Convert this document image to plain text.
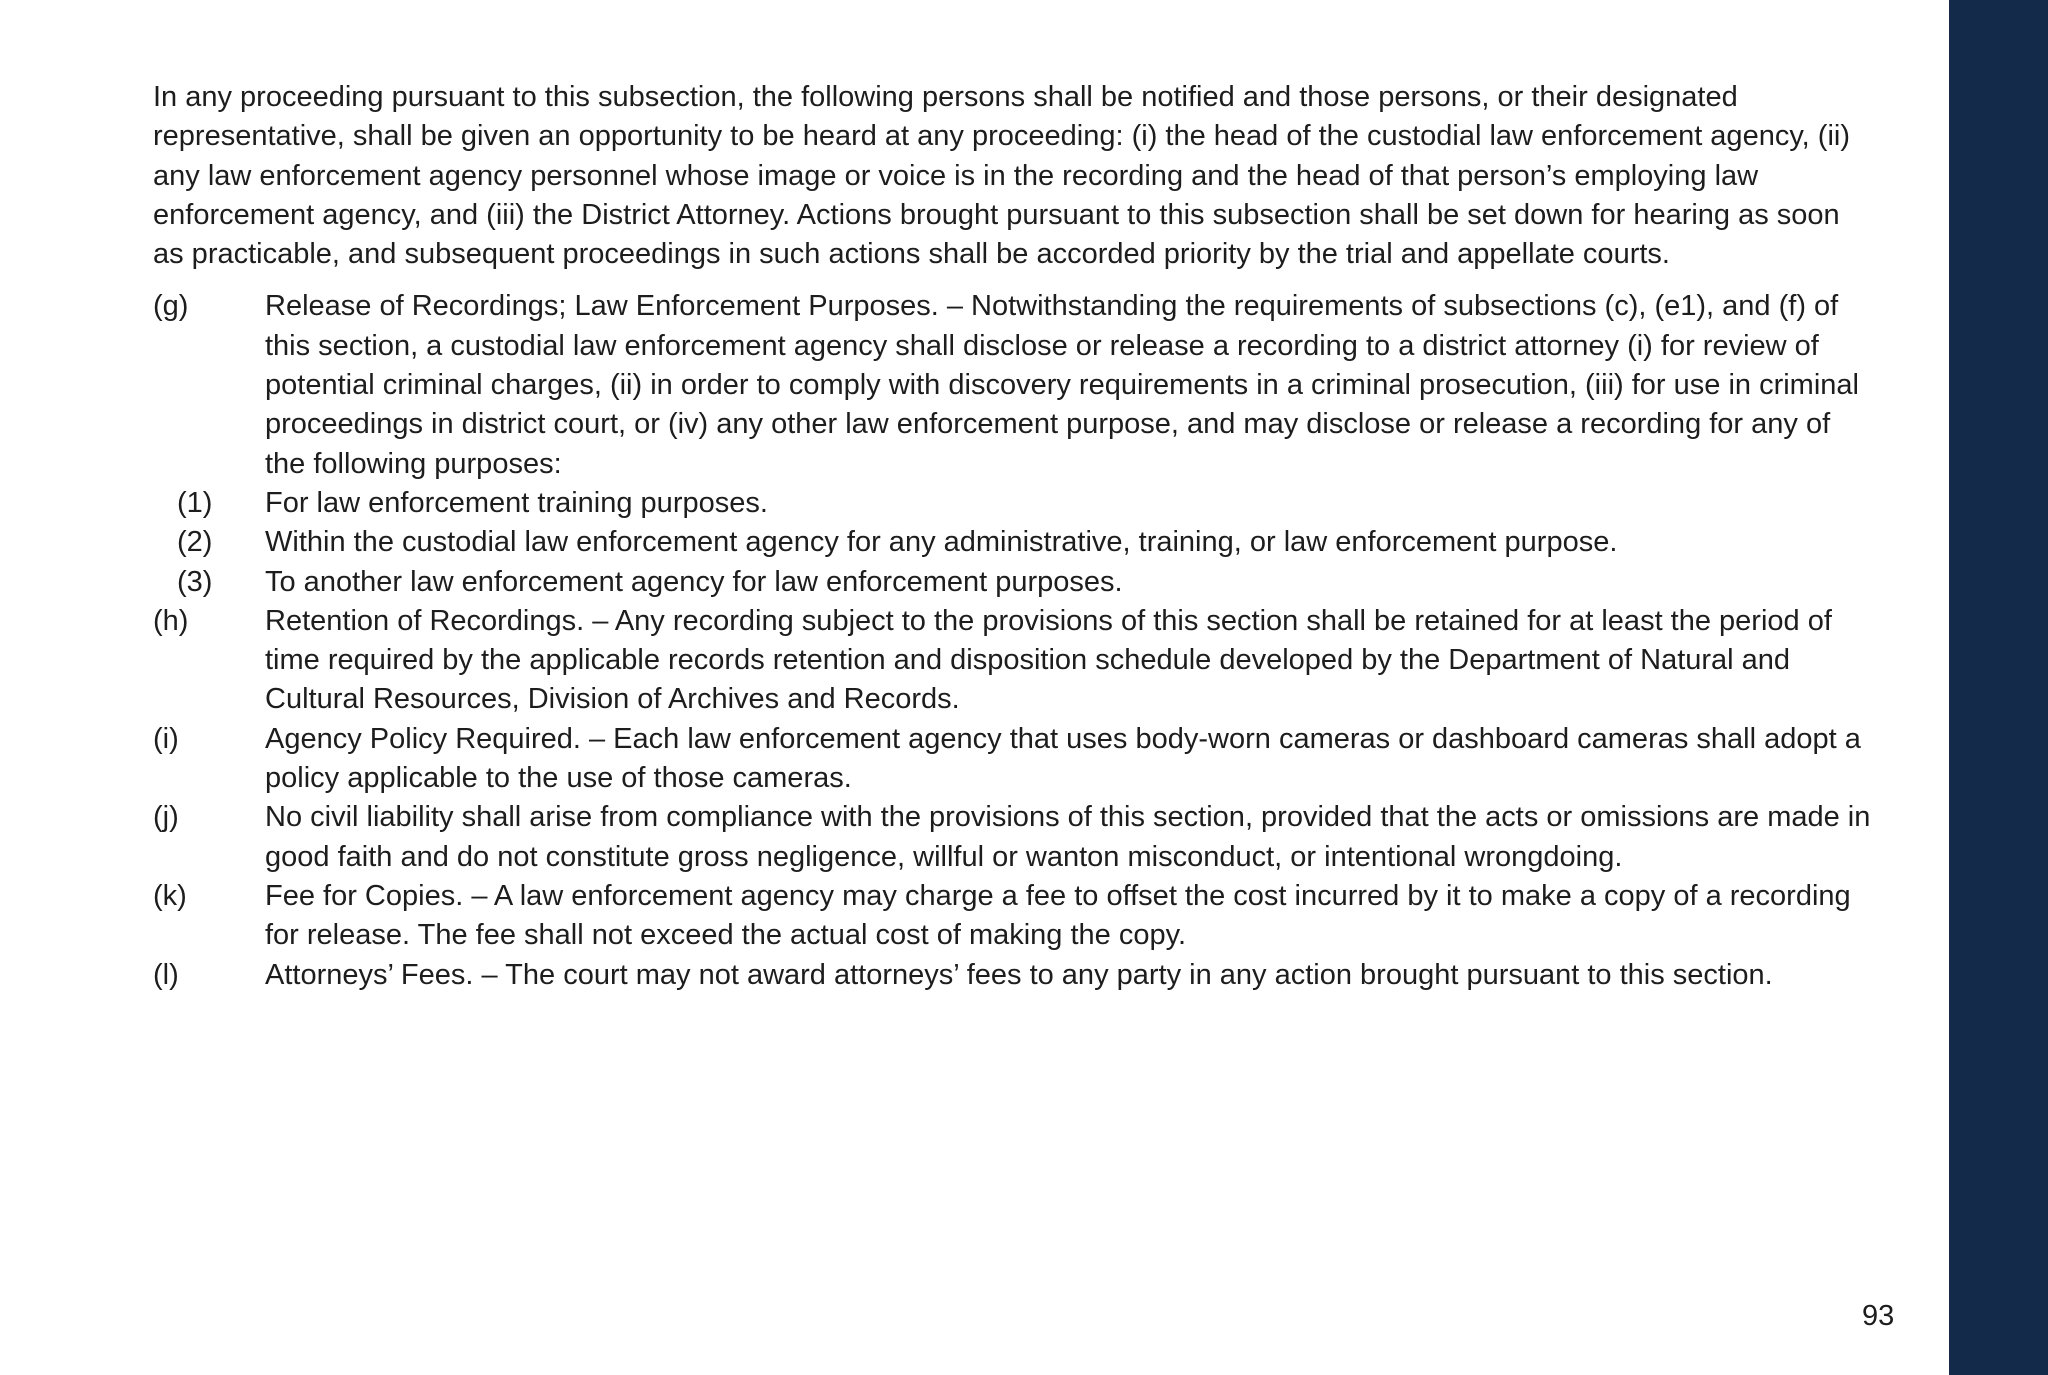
In any proceeding pursuant to this subsection, the following persons shall be notified and those persons, or their designated representative, shall be given an opportunity to be heard at any proceeding: (i) the head of the custodial law enforcement agency, (ii) any law enforcement agency personnel whose image or voice is in the recording and the head of that person’s employing law enforcement agency, and (iii) the District Attorney. Actions brought pursuant to this subsection shall be set down for hearing as soon as practicable, and subsequent proceedings in such actions shall be accorded priority by the trial and appellate courts.

(g)	Release of Recordings; Law Enforcement Purposes. – Notwithstanding the requirements of subsections (c), (e1), and (f) of this section, a custodial law enforcement agency shall disclose or release a recording to a district attorney (i) for review of potential criminal charges, (ii) in order to comply with discovery requirements in a criminal prosecution, (iii) for use in criminal proceedings in district court, or (iv) any other law enforcement purpose, and may disclose or release a recording for any of the following purposes:
(1)	For law enforcement training purposes.
(2)	Within the custodial law enforcement agency for any administrative, training, or law enforcement purpose.
(3)	To another law enforcement agency for law enforcement purposes.
(h)	Retention of Recordings. – Any recording subject to the provisions of this section shall be retained for at least the period of time required by the applicable records retention and disposition schedule developed by the Department of Natural and Cultural Resources, Division of Archives and Records.
(i)	Agency Policy Required. – Each law enforcement agency that uses body-worn cameras or dashboard cameras shall adopt a policy applicable to the use of those cameras.
(j)	No civil liability shall arise from compliance with the provisions of this section, provided that the acts or omissions are made in good faith and do not constitute gross negligence, willful or wanton misconduct, or intentional wrongdoing.
(k)	Fee for Copies. – A law enforcement agency may charge a fee to offset the cost incurred by it to make a copy of a recording for release. The fee shall not exceed the actual cost of making the copy.
(l)	Attorneys’ Fees. – The court may not award attorneys’ fees to any party in any action brought pursuant to this section.
93
